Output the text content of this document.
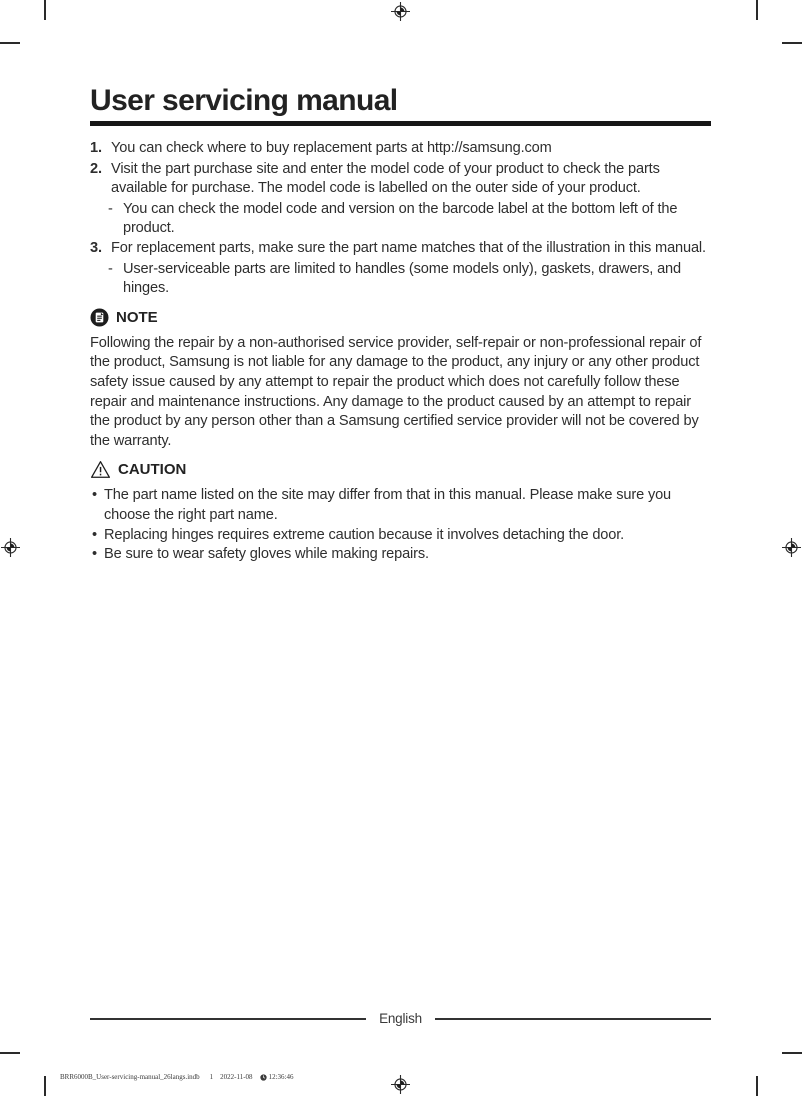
User servicing manual
1. You can check where to buy replacement parts at http://samsung.com
2. Visit the part purchase site and enter the model code of your product to check the parts available for purchase. The model code is labelled on the outer side of your product.
- You can check the model code and version on the barcode label at the bottom left of the product.
3. For replacement parts, make sure the part name matches that of the illustration in this manual.
- User-serviceable parts are limited to handles (some models only), gaskets, drawers, and hinges.
NOTE
Following the repair by a non-authorised service provider, self-repair or non-professional repair of the product, Samsung is not liable for any damage to the product, any injury or any other product safety issue caused by any attempt to repair the product which does not carefully follow these repair and maintenance instructions. Any damage to the product caused by an attempt to repair the product by any person other than a Samsung certified service provider will not be covered by the warranty.
CAUTION
• The part name listed on the site may differ from that in this manual. Please make sure you choose the right part name.
• Replacing hinges requires extreme caution because it involves detaching the door.
• Be sure to wear safety gloves while making repairs.
English
BRR6000B_User-servicing-manual_26langs.indb 1 2022-11-08 12:36:46
